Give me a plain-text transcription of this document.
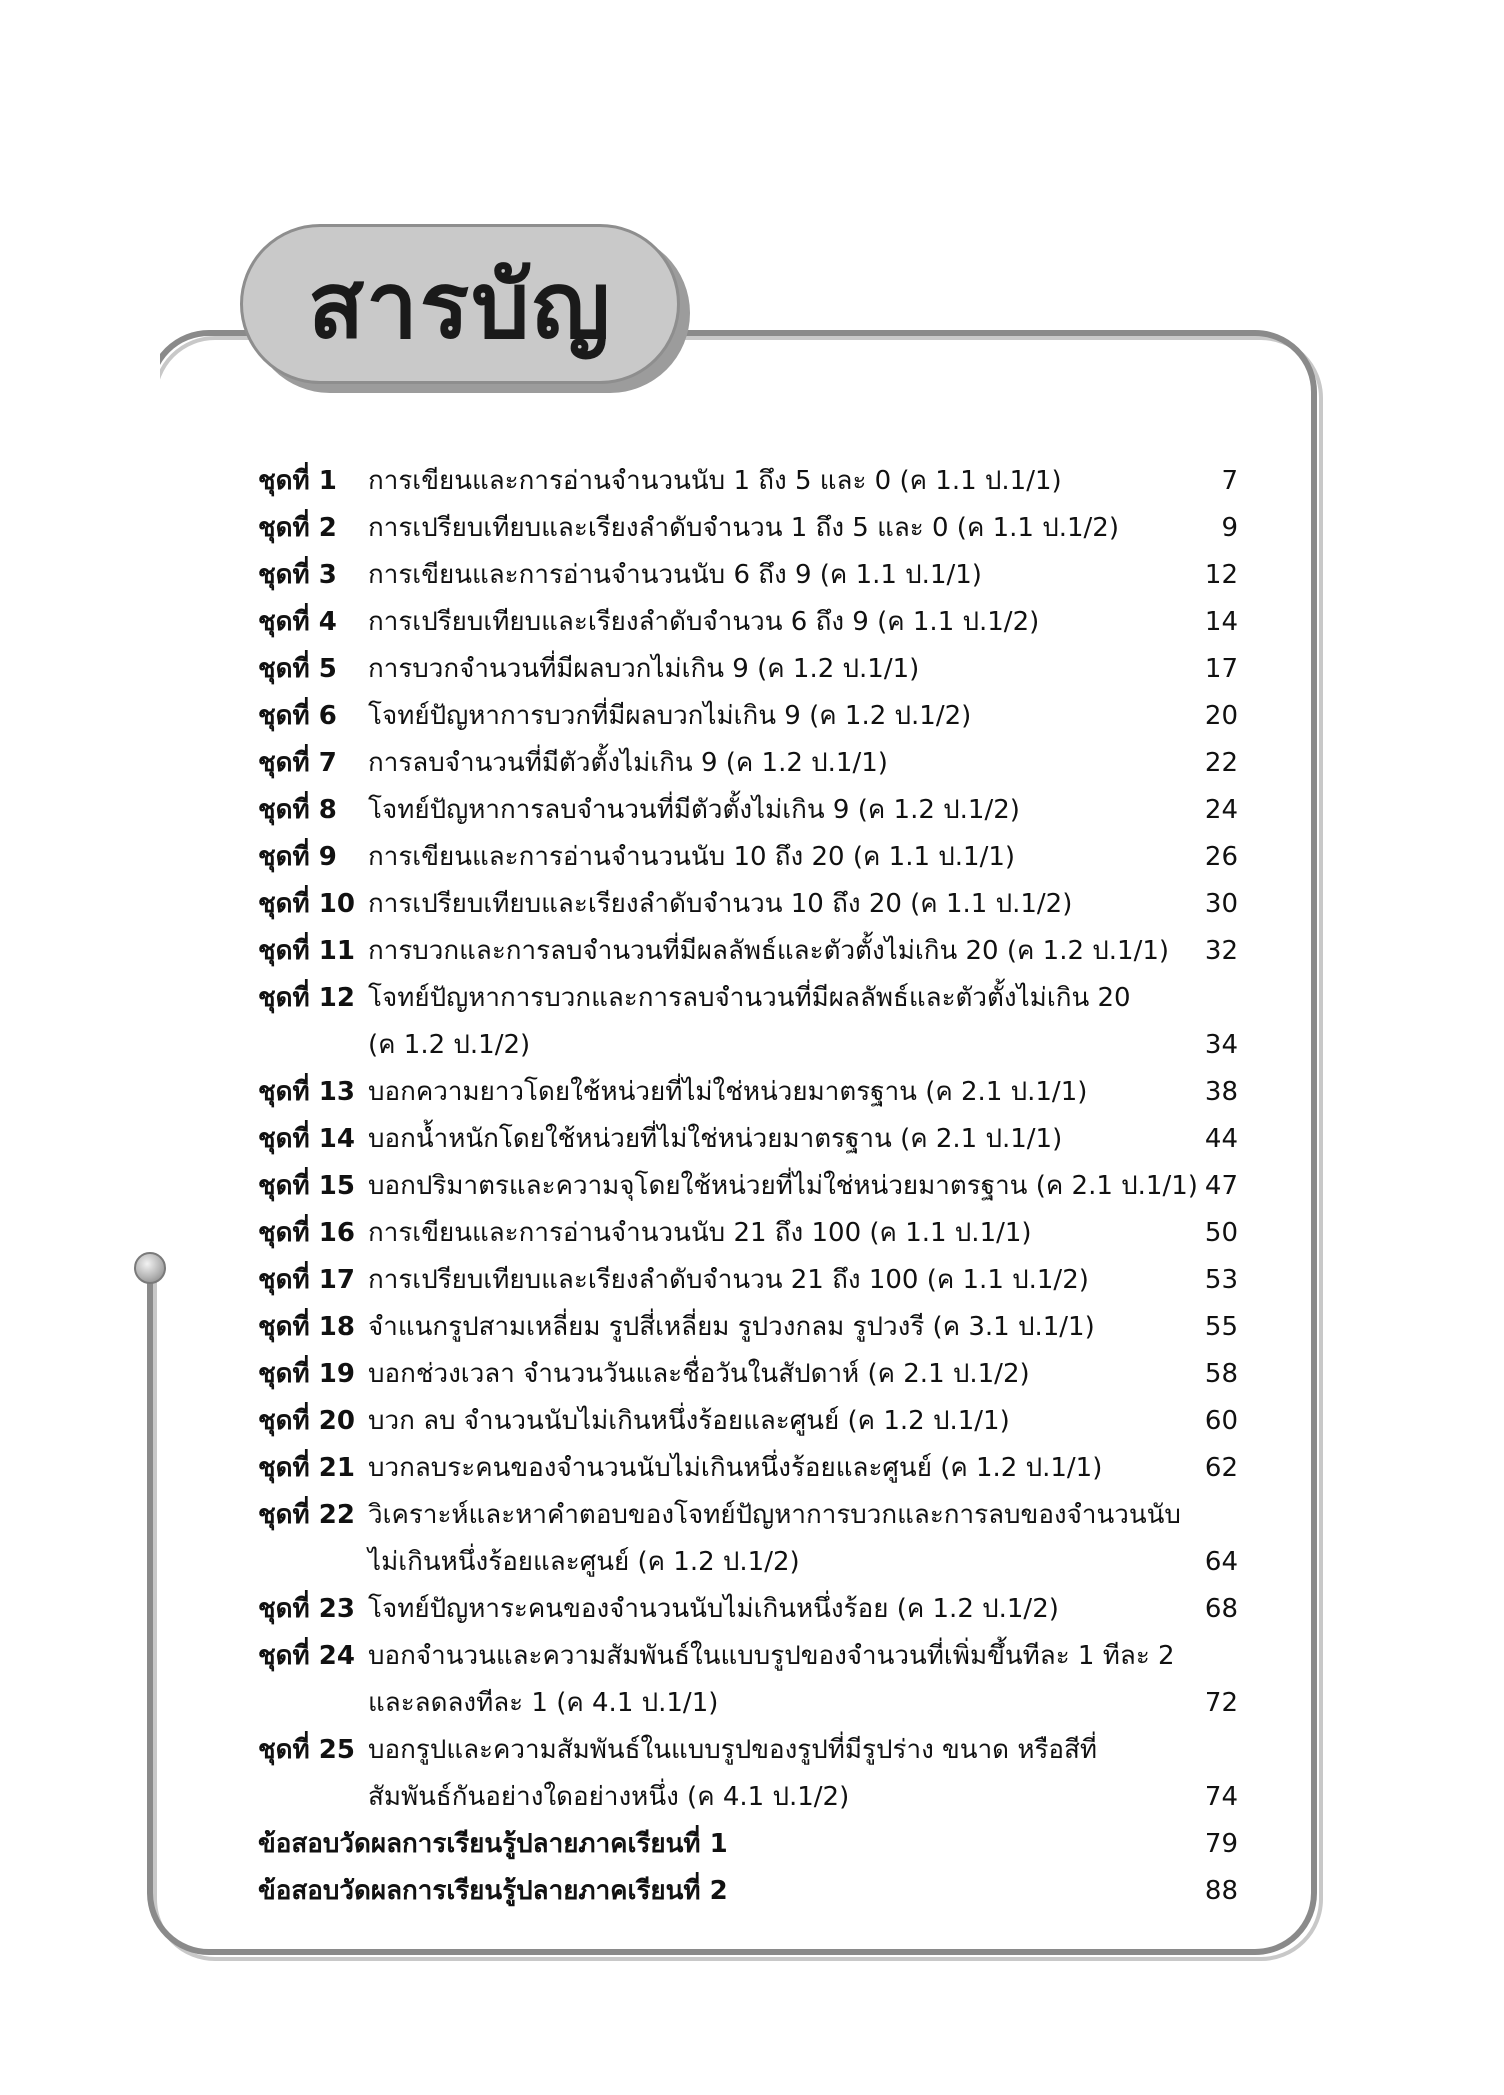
สารบัญ
ชุดที่ 1 การเขียนและการอ่านจำนวนนับ 1 ถึง 5 และ 0 (ค 1.1 ป.1/1)	7
ชุดที่ 2 การเปรียบเทียบและเรียงลำดับจำนวน 1 ถึง 5 และ 0 (ค 1.1 ป.1/2)	9
ชุดที่ 3 การเขียนและการอ่านจำนวนนับ 6 ถึง 9 (ค 1.1 ป.1/1)	12
ชุดที่ 4 การเปรียบเทียบและเรียงลำดับจำนวน 6 ถึง 9 (ค 1.1 ป.1/2)	14
ชุดที่ 5 การบวกจำนวนที่มีผลบวกไม่เกิน 9 (ค 1.2 ป.1/1)	17
ชุดที่ 6 โจทย์ปัญหาการบวกที่มีผลบวกไม่เกิน 9 (ค 1.2 ป.1/2)	20
ชุดที่ 7 การลบจำนวนที่มีตัวตั้งไม่เกิน 9 (ค 1.2 ป.1/1)	22
ชุดที่ 8 โจทย์ปัญหาการลบจำนวนที่มีตัวตั้งไม่เกิน 9 (ค 1.2 ป.1/2)	24
ชุดที่ 9 การเขียนและการอ่านจำนวนนับ 10 ถึง 20 (ค 1.1 ป.1/1)	26
ชุดที่ 10 การเปรียบเทียบและเรียงลำดับจำนวน 10 ถึง 20 (ค 1.1 ป.1/2)	30
ชุดที่ 11 การบวกและการลบจำนวนที่มีผลลัพธ์และตัวตั้งไม่เกิน 20 (ค 1.2 ป.1/1)	32
ชุดที่ 12 โจทย์ปัญหาการบวกและการลบจำนวนที่มีผลลัพธ์และตัวตั้งไม่เกิน 20
(ค 1.2 ป.1/2)	34
ชุดที่ 13 บอกความยาวโดยใช้หน่วยที่ไม่ใช่หน่วยมาตรฐาน (ค 2.1 ป.1/1)	38
ชุดที่ 14 บอกน้ำหนักโดยใช้หน่วยที่ไม่ใช่หน่วยมาตรฐาน (ค 2.1 ป.1/1)	44
ชุดที่ 15 บอกปริมาตรและความจุโดยใช้หน่วยที่ไม่ใช่หน่วยมาตรฐาน (ค 2.1 ป.1/1) 47
ชุดที่ 16 การเขียนและการอ่านจำนวนนับ 21 ถึง 100 (ค 1.1 ป.1/1)	50
ชุดที่ 17 การเปรียบเทียบและเรียงลำดับจำนวน 21 ถึง 100 (ค 1.1 ป.1/2)	53
ชุดที่ 18 จำแนกรูปสามเหลี่ยม รูปสี่เหลี่ยม รูปวงกลม รูปวงรี (ค 3.1 ป.1/1)	55
ชุดที่ 19 บอกช่วงเวลา จำนวนวันและชื่อวันในสัปดาห์ (ค 2.1 ป.1/2)	58
ชุดที่ 20 บวก ลบ จำนวนนับไม่เกินหนึ่งร้อยและศูนย์ (ค 1.2 ป.1/1)	60
ชุดที่ 21 บวกลบระคนของจำนวนนับไม่เกินหนึ่งร้อยและศูนย์ (ค 1.2 ป.1/1)	62
ชุดที่ 22 วิเคราะห์และหาคำตอบของโจทย์ปัญหาการบวกและการลบของจำนวนนับ
ไม่เกินหนึ่งร้อยและศูนย์ (ค 1.2 ป.1/2)	64
ชุดที่ 23 โจทย์ปัญหาระคนของจำนวนนับไม่เกินหนึ่งร้อย (ค 1.2 ป.1/2)	68
ชุดที่ 24 บอกจำนวนและความสัมพันธ์ในแบบรูปของจำนวนที่เพิ่มขึ้นทีละ 1 ทีละ 2
และลดลงทีละ 1 (ค 4.1 ป.1/1)	72
ชุดที่ 25 บอกรูปและความสัมพันธ์ในแบบรูปของรูปที่มีรูปร่าง ขนาด หรือสีที่
สัมพันธ์กันอย่างใดอย่างหนึ่ง (ค 4.1 ป.1/2)	74
ข้อสอบวัดผลการเรียนรู้ปลายภาคเรียนที่ 1	79
ข้อสอบวัดผลการเรียนรู้ปลายภาคเรียนที่ 2	88
